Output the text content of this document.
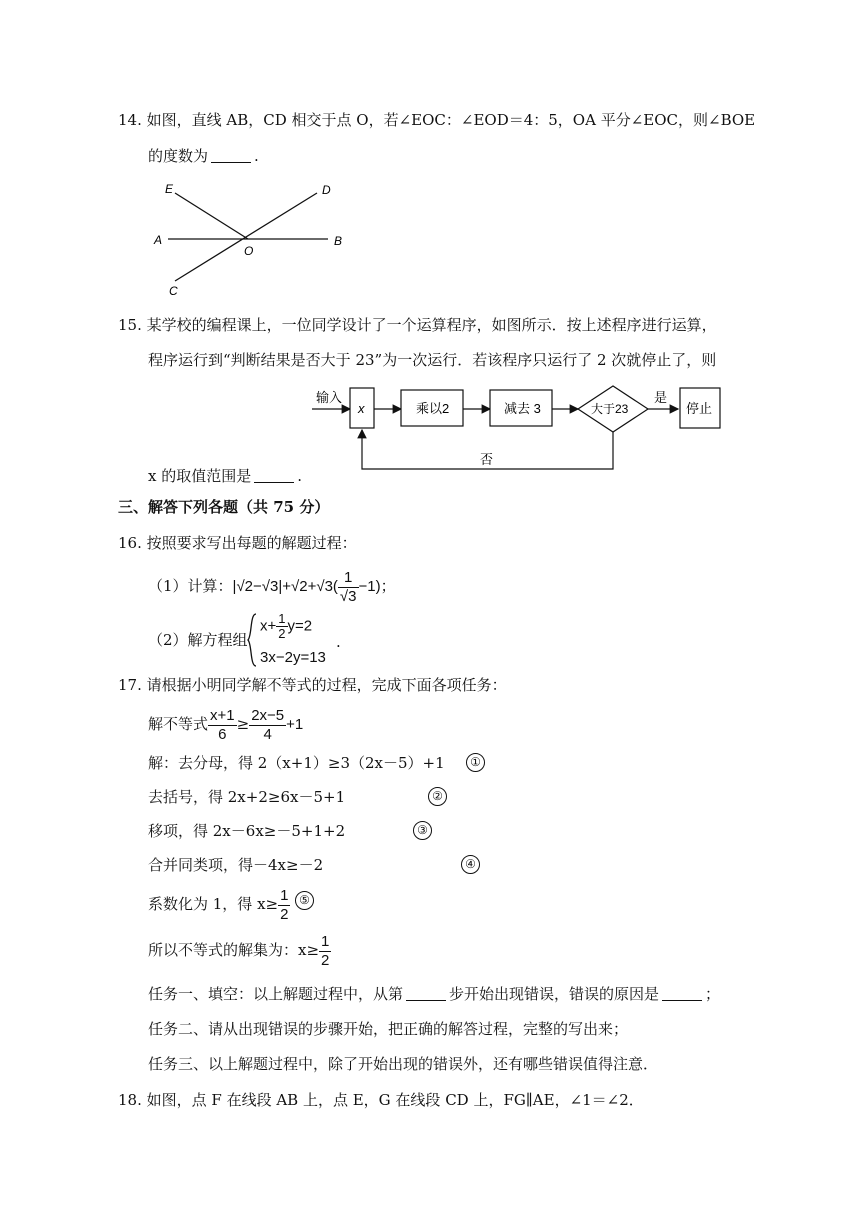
14. 如图，直线 AB，CD 相交于点 O，若∠EOC：∠EOD＝4：5，OA 平分∠EOC，则∠BOE
的度数为	.
E	D
A
O
B
C
15. 某学校的编程课上，一位同学设计了一个运算程序，如图所示．按上述程序进行运算，
程序运行到“判断结果是否大于 23”为一次运行．若该程序只运行了 2 次就停止了，则
输入
x	乘以2	减去 3	大于23
是
停止
否
x 的取值范围是	.
三、解答下列各题（共 75 分）
16. 按照要求写出每题的解题过程：
（1）计算：$|√2-√3|+√2+√3( \frac{1}{√3} -1)$；
（2）解方程组
$x+ \frac{1}{2} y=2$
3x−2y=13
.
17. 请根据小明同学解不等式的过程，完成下面各项任务：
解不等式 $\frac{x+1}{6} \ge \frac{2x-5}{4} +1$
解：去分母，得 2（x+1）≥3（2x－5）+1	①
去括号，得 2x+2≥6x－5+1	②
移项，得 2x－6x≥－5+1+2	③
合并同类项，得－4x≥－2	④
系数化为 1，得 $x\ge \frac{1}{2}$ ⑤
所以不等式的解集为：$x\ge \frac{1}{2}$
任务一、填空：以上解题过程中，从第	步开始出现错误，错误的原因是	；
任务二、请从出现错误的步骤开始，把正确的解答过程，完整的写出来；
任务三、以上解题过程中，除了开始出现的错误外，还有哪些错误值得注意．
18. 如图，点 F 在线段 AB 上，点 E，G 在线段 CD 上，FG∥AE，∠1＝∠2．
